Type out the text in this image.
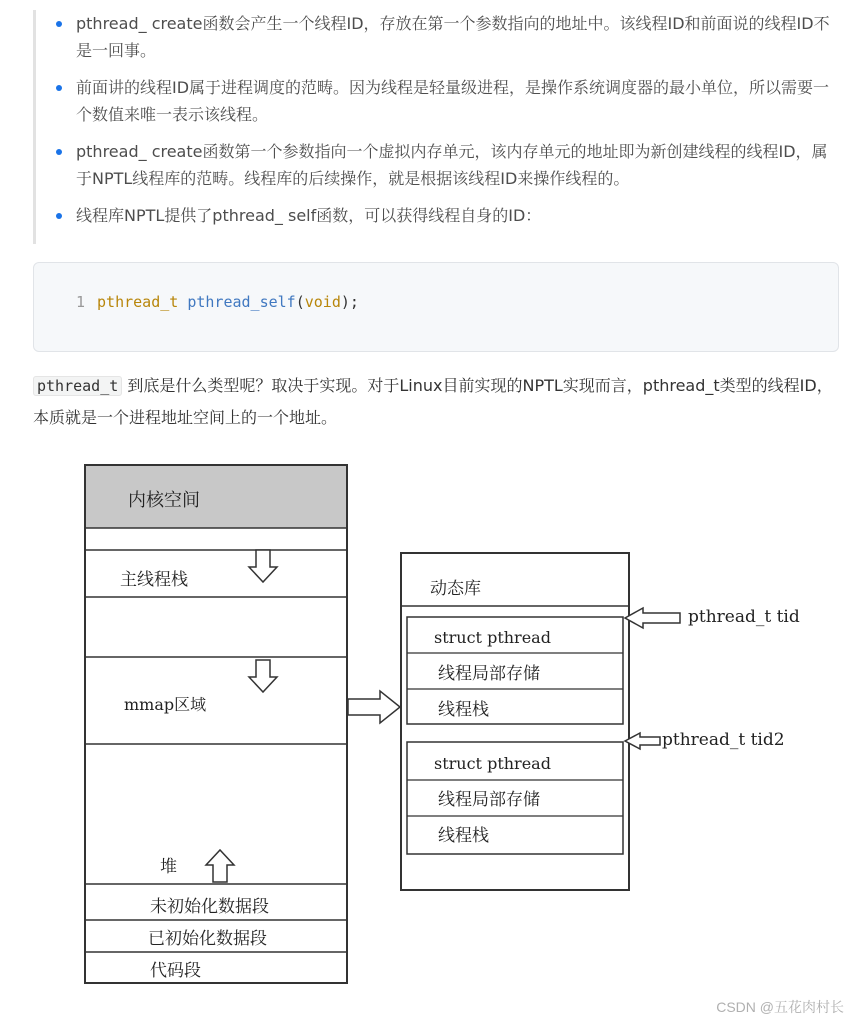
pthread_ create函数会产生一个线程ID，存放在第一个参数指向的地址中。该线程ID和前面说的线程ID不是一回事。
前面讲的线程ID属于进程调度的范畴。因为线程是轻量级进程，是操作系统调度器的最小单位，所以需要一个数值来唯一表示该线程。
pthread_ create函数第一个参数指向一个虚拟内存单元，该内存单元的地址即为新创建线程的线程ID，属于NPTL线程库的范畴。线程库的后续操作，就是根据该线程ID来操作线程的。
线程库NPTL提供了pthread_ self函数，可以获得线程自身的ID：
1 pthread_t pthread_self(void);
pthread_t 到底是什么类型呢？取决于实现。对于Linux目前实现的NPTL实现而言，pthread_t类型的线程ID，本质就是一个进程地址空间上的一个地址。
内核空间
主线程栈
mmap区域
堆
未初始化数据段
已初始化数据段
代码段
动态库
struct pthread
线程局部存储
线程栈
struct pthread
线程局部存储
线程栈
pthread_t tid
pthread_t tid2
CSDN @五花肉村长
